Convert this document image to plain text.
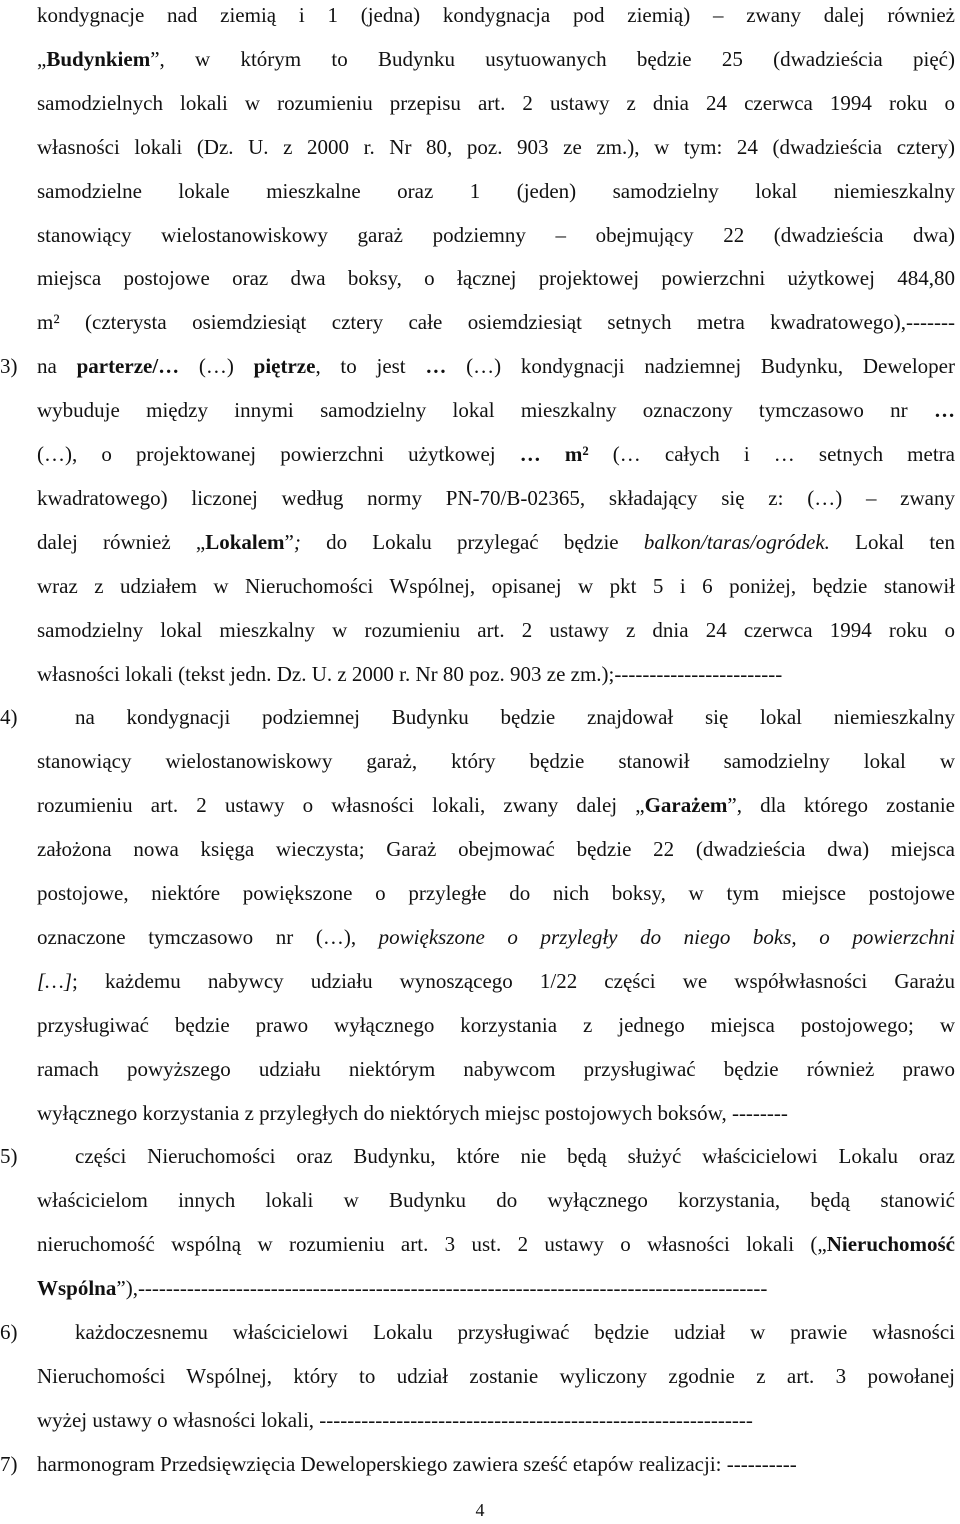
kondygnacje nad ziemią i 1 (jedna) kondygnacja pod ziemią) – zwany dalej również
„Budynkiem”, w którym to Budynku usytuowanych będzie 25 (dwadzieścia pięć)
samodzielnych lokali w rozumieniu przepisu art. 2 ustawy z dnia 24 czerwca 1994 roku o
własności lokali (Dz. U. z 2000 r. Nr 80, poz. 903 ze zm.), w tym: 24 (dwadzieścia cztery)
samodzielne lokale mieszkalne oraz 1 (jeden) samodzielny lokal niemieszkalny
stanowiący wielostanowiskowy garaż podziemny – obejmujący 22 (dwadzieścia dwa)
miejsca postojowe oraz dwa boksy, o łącznej projektowej powierzchni użytkowej 484,80
m² (czterysta osiemdziesiąt cztery całe osiemdziesiąt setnych metra kwadratowego),-------
3) na parterze/… (…) piętrze, to jest … (…) kondygnacji nadziemnej Budynku, Deweloper
wybuduje między innymi samodzielny lokal mieszkalny oznaczony tymczasowo nr …
(…), o projektowanej powierzchni użytkowej … m² (… całych i … setnych metra
kwadratowego) liczonej według normy PN-70/B-02365, składający się z: (…) – zwany
dalej również „Lokalem”; do Lokalu przylegać będzie balkon/taras/ogródek. Lokal ten
wraz z udziałem w Nieruchomości Wspólnej, opisanej w pkt 5 i 6 poniżej, będzie stanowił
samodzielny lokal mieszkalny w rozumieniu art. 2 ustawy z dnia 24 czerwca 1994 roku o
własności lokali (tekst jedn. Dz. U. z 2000 r. Nr 80 poz. 903 ze zm.);------------------------
4)	na kondygnacji podziemnej Budynku będzie znajdował się lokal niemieszkalny
stanowiący wielostanowiskowy garaż, który będzie stanowił samodzielny lokal w
rozumieniu art. 2 ustawy o własności lokali, zwany dalej „Garażem”, dla którego zostanie
założona nowa księga wieczysta; Garaż obejmować będzie 22 (dwadzieścia dwa) miejsca
postojowe, niektóre powiększone o przyległe do nich boksy, w tym miejsce postojowe
oznaczone tymczasowo nr (…), powiększone o przyległy do niego boks, o powierzchni
[…]; każdemu nabywcy udziału wynoszącego 1/22 części we współwłasności Garażu
przysługiwać będzie prawo wyłącznego korzystania z jednego miejsca postojowego; w
ramach powyższego udziału niektórym nabywcom przysługiwać będzie również prawo
wyłącznego korzystania z przyległych do niektórych miejsc postojowych boksów, --------
5)	części Nieruchomości oraz Budynku, które nie będą służyć właścicielowi Lokalu oraz
właścicielom innych lokali w Budynku do wyłącznego korzystania, będą stanowić
nieruchomość wspólną w rozumieniu art. 3 ust. 2 ustawy o własności lokali („Nieruchomość
Wspólna”),------------------------------------------------------------------------------------------
6)	każdoczesnemu właścicielowi Lokalu przysługiwać będzie udział w prawie własności
Nieruchomości Wspólnej, który to udział zostanie wyliczony zgodnie z art. 3 powołanej
wyżej ustawy o własności lokali, --------------------------------------------------------------
7) harmonogram Przedsięwzięcia Deweloperskiego zawiera sześć etapów realizacji: ----------
4
